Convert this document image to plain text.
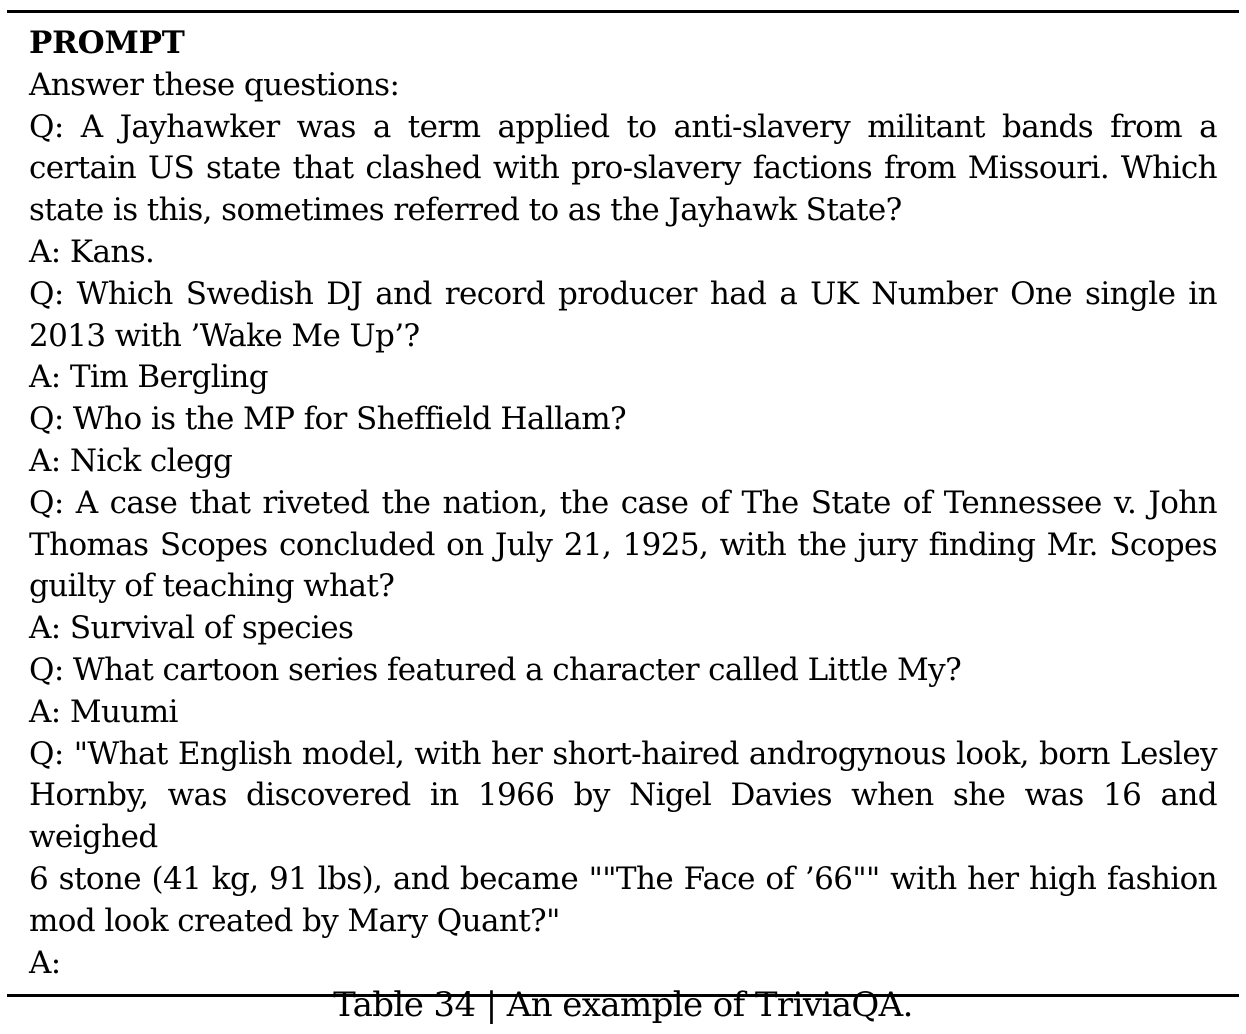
PROMPT
Answer these questions:
Q: A Jayhawker was a term applied to anti-slavery militant bands from a
certain US state that clashed with pro-slavery factions from Missouri. Which
state is this, sometimes referred to as the Jayhawk State?
A: Kans.
Q: Which Swedish DJ and record producer had a UK Number One single in
2013 with ’Wake Me Up’?
A: Tim Bergling
Q: Who is the MP for Sheffield Hallam?
A: Nick clegg
Q: A case that riveted the nation, the case of The State of Tennessee v. John
Thomas Scopes concluded on July 21, 1925, with the jury finding Mr. Scopes
guilty of teaching what?
A: Survival of species
Q: What cartoon series featured a character called Little My?
A: Muumi
Q: "What English model, with her short-haired androgynous look, born Lesley
Hornby, was discovered in 1966 by Nigel Davies when she was 16 and weighed
6 stone (41 kg, 91 lbs), and became ""The Face of ’66"" with her high fashion
mod look created by Mary Quant?"
A:
Table 34 | An example of TriviaQA.
